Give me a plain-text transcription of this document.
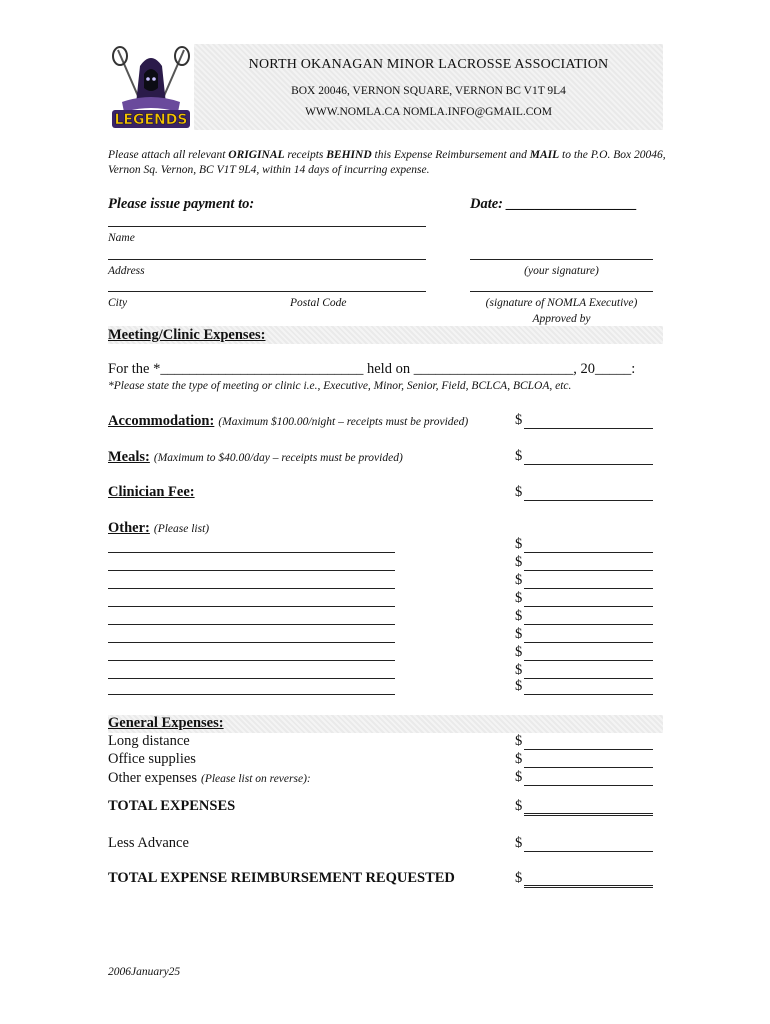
LEGENDS
NORTH OKANAGAN MINOR LACROSSE ASSOCIATION
BOX 20046, VERNON SQUARE, VERNON BC V1T 9L4
WWW.NOMLA.CA NOMLA.INFO@GMAIL.COM
Please attach all relevant ORIGINAL receipts BEHIND this Expense Reimbursement and MAIL to the P.O. Box 20046, Vernon Sq. Vernon, BC V1T 9L4, within 14 days of incurring expense.
Please issue payment to:	Date: __________________
Name
Address	(your signature)
City	Postal Code	(signature of NOMLA Executive)
Approved by
Meeting/Clinic Expenses:
For the *____________________________ held on ______________________, 20_____:
*Please state the type of meeting or clinic i.e., Executive, Minor, Senior, Field, BCLCA, BCLOA, etc.
Accommodation: (Maximum $100.00/night – receipts must be provided)	$
Meals: (Maximum to $40.00/day – receipts must be provided)	$
Clinician Fee:	$
Other: (Please list)
$
$
$
$
$
$
$
$
$
General Expenses:
Long distance	$
Office supplies	$
Other expenses (Please list on reverse):	$
TOTAL EXPENSES	$
Less Advance	$
TOTAL EXPENSE REIMBURSEMENT REQUESTED	$
2006January25
